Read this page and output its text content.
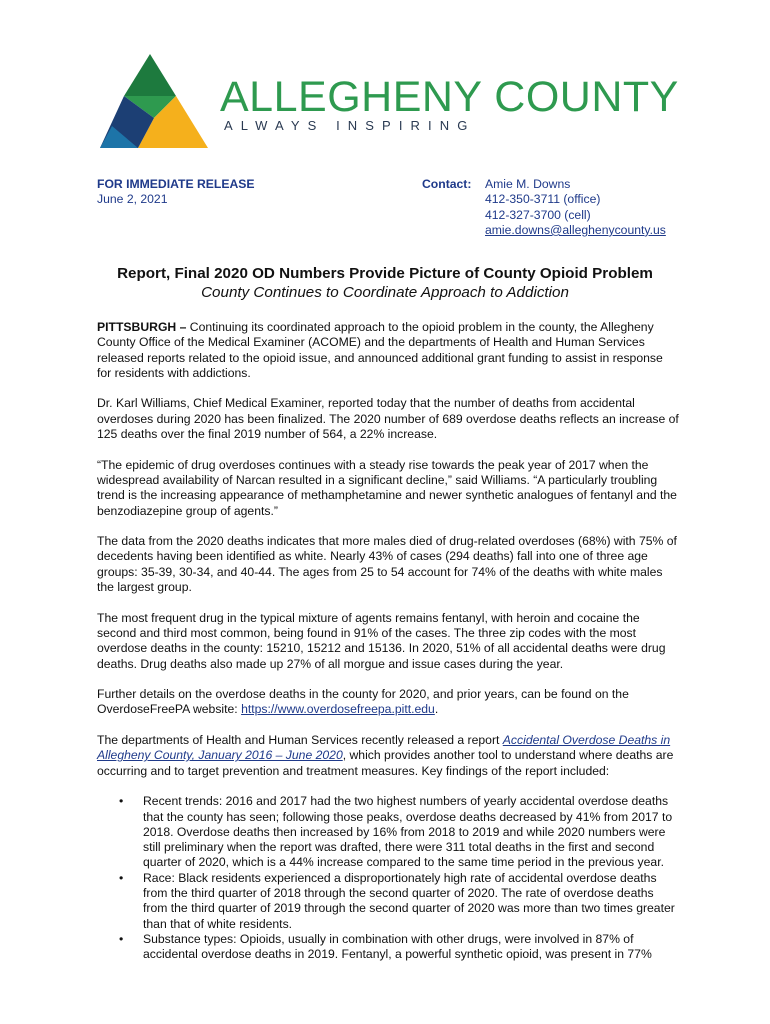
ALLEGHENY COUNTY
ALWAYS INSPIRING
FOR IMMEDIATE RELEASE
June 2, 2021
Contact: Amie M. Downs
412-350-3711 (office)
412-327-3700 (cell)
amie.downs@alleghenycounty.us
Report, Final 2020 OD Numbers Provide Picture of County Opioid Problem
County Continues to Coordinate Approach to Addiction

PITTSBURGH – Continuing its coordinated approach to the opioid problem in the county, the Allegheny County Office of the Medical Examiner (ACOME) and the departments of Health and Human Services released reports related to the opioid issue, and announced additional grant funding to assist in response for residents with addictions.

Dr. Karl Williams, Chief Medical Examiner, reported today that the number of deaths from accidental overdoses during 2020 has been finalized. The 2020 number of 689 overdose deaths reflects an increase of 125 deaths over the final 2019 number of 564, a 22% increase.

“The epidemic of drug overdoses continues with a steady rise towards the peak year of 2017 when the widespread availability of Narcan resulted in a significant decline,” said Williams. “A particularly troubling trend is the increasing appearance of methamphetamine and newer synthetic analogues of fentanyl and the benzodiazepine group of agents.”

The data from the 2020 deaths indicates that more males died of drug-related overdoses (68%) with 75% of decedents having been identified as white. Nearly 43% of cases (294 deaths) fall into one of three age groups: 35-39, 30-34, and 40-44. The ages from 25 to 54 account for 74% of the deaths with white males the largest group.

The most frequent drug in the typical mixture of agents remains fentanyl, with heroin and cocaine the second and third most common, being found in 91% of the cases. The three zip codes with the most overdose deaths in the county: 15210, 15212 and 15136. In 2020, 51% of all accidental deaths were drug deaths. Drug deaths also made up 27% of all morgue and issue cases during the year.

Further details on the overdose deaths in the county for 2020, and prior years, can be found on the OverdoseFreePA website: https://www.overdosefreepa.pitt.edu.

The departments of Health and Human Services recently released a report Accidental Overdose Deaths in Allegheny County, January 2016 – June 2020, which provides another tool to understand where deaths are occurring and to target prevention and treatment measures. Key findings of the report included:

• Recent trends: 2016 and 2017 had the two highest numbers of yearly accidental overdose deaths that the county has seen; following those peaks, overdose deaths decreased by 41% from 2017 to 2018. Overdose deaths then increased by 16% from 2018 to 2019 and while 2020 numbers were still preliminary when the report was drafted, there were 311 total deaths in the first and second quarter of 2020, which is a 44% increase compared to the same time period in the previous year.
• Race: Black residents experienced a disproportionately high rate of accidental overdose deaths from the third quarter of 2018 through the second quarter of 2020. The rate of overdose deaths from the third quarter of 2019 through the second quarter of 2020 was more than two times greater than that of white residents.
• Substance types: Opioids, usually in combination with other drugs, were involved in 87% of accidental overdose deaths in 2019. Fentanyl, a powerful synthetic opioid, was present in 77%
